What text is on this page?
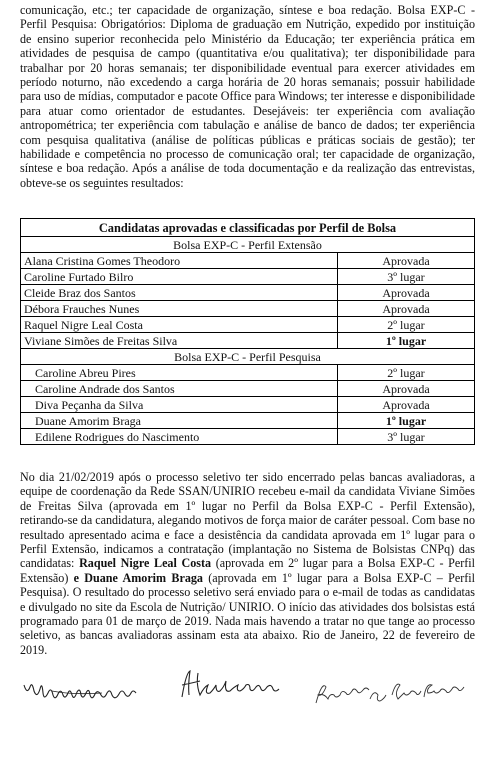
comunicação, etc.; ter capacidade de organização, síntese e boa redação. Bolsa EXP-C - Perfil Pesquisa: Obrigatórios: Diploma de graduação em Nutrição, expedido por instituição de ensino superior reconhecida pelo Ministério da Educação; ter experiência prática em atividades de pesquisa de campo (quantitativa e/ou qualitativa); ter disponibilidade para trabalhar por 20 horas semanais; ter disponibilidade eventual para exercer atividades em período noturno, não excedendo a carga horária de 20 horas semanais; possuir habilidade para uso de mídias, computador e pacote Office para Windows; ter interesse e disponibilidade para atuar como orientador de estudantes. Desejáveis: ter experiência com avaliação antropométrica; ter experiência com tabulação e análise de banco de dados; ter experiência com pesquisa qualitativa (análise de políticas públicas e práticas sociais de gestão); ter habilidade e competência no processo de comunicação oral; ter capacidade de organização, síntese e boa redação. Após a análise de toda documentação e da realização das entrevistas, obteve-se os seguintes resultados:

Candidatas aprovadas e classificadas por Perfil de Bolsa	
Bolsa EXP-C - Perfil Extensão	
Alana Cristina Gomes Theodoro	Aprovada
Caroline Furtado Bilro	3º lugar
Cleide Braz dos Santos	Aprovada
Débora Frauches Nunes	Aprovada
Raquel Nigre Leal Costa	2º lugar
Viviane Simões de Freitas Silva	1º lugar
Bolsa EXP-C - Perfil Pesquisa	
Caroline Abreu Pires	2º lugar
Caroline Andrade dos Santos	Aprovada
Diva Peçanha da Silva	Aprovada
Duane Amorim Braga	1º lugar
Edilene Rodrigues do Nascimento	3º lugar

No dia 21/02/2019 após o processo seletivo ter sido encerrado pelas bancas avaliadoras, a equipe de coordenação da Rede SSAN/UNIRIO recebeu e-mail da candidata Viviane Simões de Freitas Silva (aprovada em 1º lugar no Perfil da Bolsa EXP-C - Perfil Extensão), retirando-se da candidatura, alegando motivos de força maior de caráter pessoal. Com base no resultado apresentado acima e face a desistência da candidata aprovada em 1º lugar para o Perfil Extensão, indicamos a contratação (implantação no Sistema de Bolsistas CNPq) das candidatas: Raquel Nigre Leal Costa (aprovada em 2º lugar para a Bolsa EXP-C - Perfil Extensão) e Duane Amorim Braga (aprovada em 1º lugar para a Bolsa EXP-C – Perfil Pesquisa). O resultado do processo seletivo será enviado para o e-mail de todas as candidatas e divulgado no site da Escola de Nutrição/ UNIRIO. O início das atividades dos bolsistas está programado para 01 de março de 2019. Nada mais havendo a tratar no que tange ao processo seletivo, as bancas avaliadoras assinam esta ata abaixo. Rio de Janeiro, 22 de fevereiro de 2019.
